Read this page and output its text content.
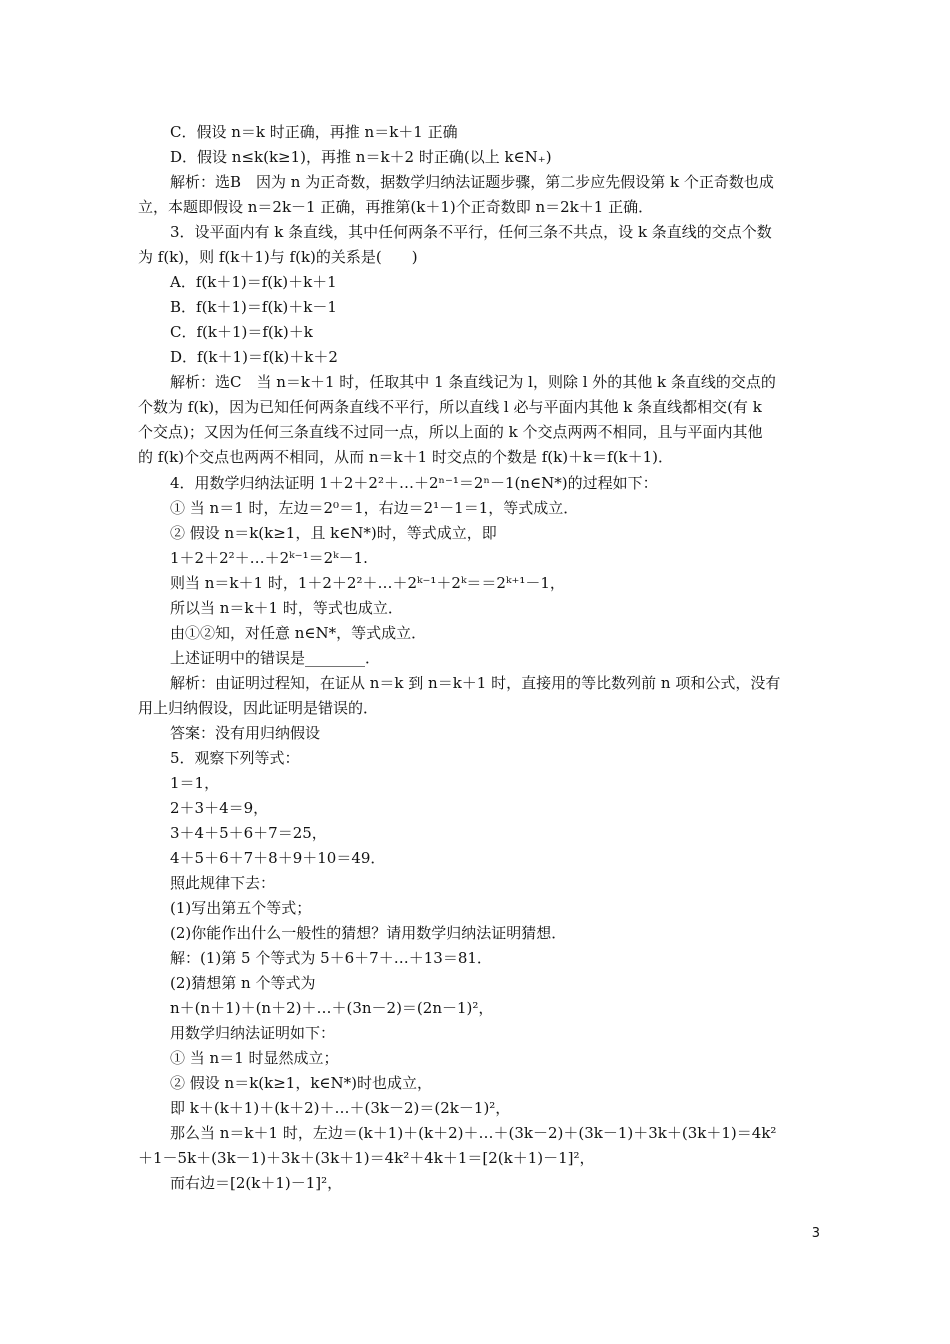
C．假设 n＝k 时正确，再推 n＝k＋1 正确
D．假设 n≤k(k≥1)，再推 n＝k＋2 时正确(以上 k∈N₊)
解析：选B　因为 n 为正奇数，据数学归纳法证题步骤，第二步应先假设第 k 个正奇数也成
立，本题即假设 n＝2k－1 正确，再推第(k＋1)个正奇数即 n＝2k＋1 正确．
3．设平面内有 k 条直线，其中任何两条不平行，任何三条不共点，设 k 条直线的交点个数
为 f(k)，则 f(k＋1)与 f(k)的关系是(　　)
A．f(k＋1)＝f(k)＋k＋1
B．f(k＋1)＝f(k)＋k－1
C．f(k＋1)＝f(k)＋k
D．f(k＋1)＝f(k)＋k＋2
解析：选C　当 n＝k＋1 时，任取其中 1 条直线记为 l，则除 l 外的其他 k 条直线的交点的
个数为 f(k)，因为已知任何两条直线不平行，所以直线 l 必与平面内其他 k 条直线都相交(有 k
个交点)；又因为任何三条直线不过同一点，所以上面的 k 个交点两两不相同，且与平面内其他
的 f(k)个交点也两两不相同，从而 n＝k＋1 时交点的个数是 f(k)＋k＝f(k＋1)．
4．用数学归纳法证明 1＋2＋2²＋…＋2ⁿ⁻¹＝2ⁿ－1(n∈N*)的过程如下：
① 当 n＝1 时，左边＝2⁰＝1，右边＝2¹－1＝1，等式成立．
② 假设 n＝k(k≥1，且 k∈N*)时，等式成立，即
1＋2＋2²＋…＋2ᵏ⁻¹＝2ᵏ－1.
则当 n＝k＋1 时，1＋2＋2²＋…＋2ᵏ⁻¹＋2ᵏ＝＝2ᵏ⁺¹－1，
所以当 n＝k＋1 时，等式也成立．
由①②知，对任意 n∈N*，等式成立．
上述证明中的错误是________．
解析：由证明过程知，在证从 n＝k 到 n＝k＋1 时，直接用的等比数列前 n 项和公式，没有
用上归纳假设，因此证明是错误的．
答案：没有用归纳假设
5．观察下列等式：
1＝1，
2＋3＋4＝9，
3＋4＋5＋6＋7＝25，
4＋5＋6＋7＋8＋9＋10＝49．
照此规律下去：
(1)写出第五个等式；
(2)你能作出什么一般性的猜想？请用数学归纳法证明猜想．
解：(1)第 5 个等式为 5＋6＋7＋…＋13＝81．
(2)猜想第 n 个等式为
n＋(n＋1)＋(n＋2)＋…＋(3n－2)＝(2n－1)²，
用数学归纳法证明如下：
① 当 n＝1 时显然成立；
② 假设 n＝k(k≥1，k∈N*)时也成立，
即 k＋(k＋1)＋(k＋2)＋…＋(3k－2)＝(2k－1)²，
那么当 n＝k＋1 时，左边＝(k＋1)＋(k＋2)＋…＋(3k－2)＋(3k－1)＋3k＋(3k＋1)＝4k²
＋1－5k＋(3k－1)＋3k＋(3k＋1)＝4k²＋4k＋1＝[2(k＋1)－1]²，
而右边＝[2(k＋1)－1]²，
3
